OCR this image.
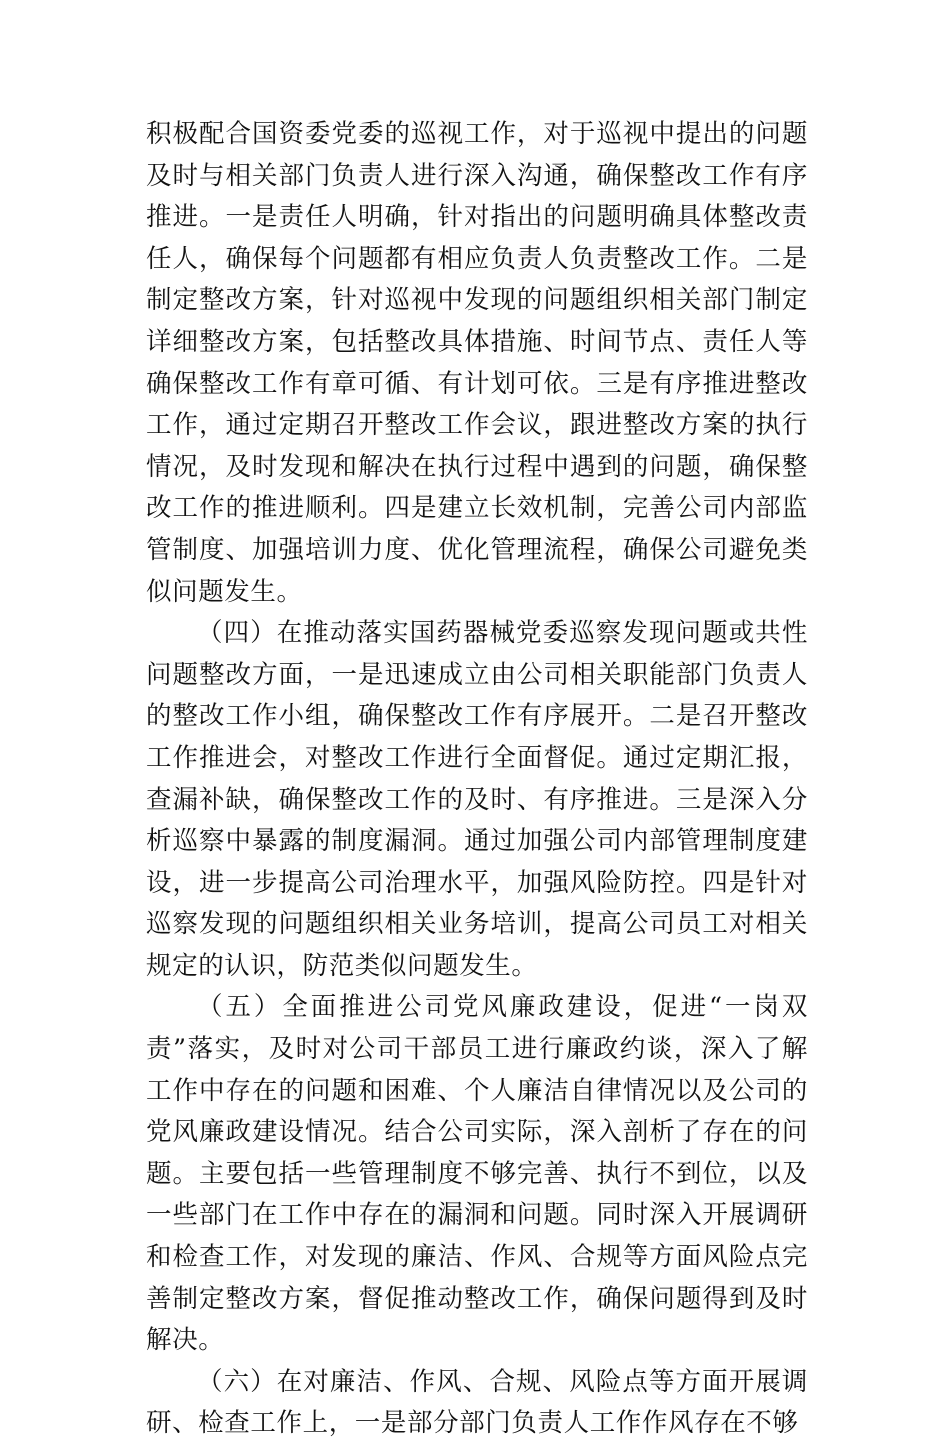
积极配合国资委党委的巡视工作，对于巡视中提出的问题及时与相关部门负责人进行深入沟通，确保整改工作有序推进。一是责任人明确，针对指出的问题明确具体整改责任人，确保每个问题都有相应负责人负责整改工作。二是制定整改方案，针对巡视中发现的问题组织相关部门制定详细整改方案，包括整改具体措施、时间节点、责任人等确保整改工作有章可循、有计划可依。三是有序推进整改工作，通过定期召开整改工作会议，跟进整改方案的执行情况，及时发现和解决在执行过程中遇到的问题，确保整改工作的推进顺利。四是建立长效机制，完善公司内部监管制度、加强培训力度、优化管理流程，确保公司避免类似问题发生。

（四）在推动落实国药器械党委巡察发现问题或共性问题整改方面，一是迅速成立由公司相关职能部门负责人的整改工作小组，确保整改工作有序展开。二是召开整改工作推进会，对整改工作进行全面督促。通过定期汇报，查漏补缺，确保整改工作的及时、有序推进。三是深入分析巡察中暴露的制度漏洞。通过加强公司内部管理制度建设，进一步提高公司治理水平，加强风险防控。四是针对巡察发现的问题组织相关业务培训，提高公司员工对相关规定的认识，防范类似问题发生。

（五）全面推进公司党风廉政建设，促进“一岗双责”落实，及时对公司干部员工进行廉政约谈，深入了解工作中存在的问题和困难、个人廉洁自律情况以及公司的党风廉政建设情况。结合公司实际，深入剖析了存在的问题。主要包括一些管理制度不够完善、执行不到位，以及一些部门在工作中存在的漏洞和问题。同时深入开展调研和检查工作，对发现的廉洁、作风、合规等方面风险点完善制定整改方案，督促推动整改工作，确保问题得到及时解决。

（六）在对廉洁、作风、合规、风险点等方面开展调研、检查工作上，一是部分部门负责人工作作风存在不够
